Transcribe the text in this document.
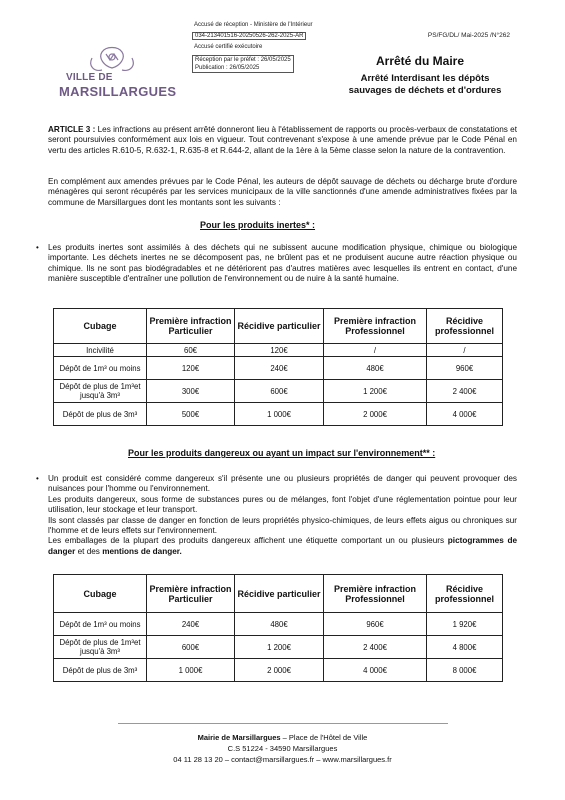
VILLE DE
MARSILLARGUES
Accusé de réception - Ministère de l'Intérieur
034-213401516-20250526-262-2025-AR
Accusé certifié exécutoire
Réception par le préfet : 26/05/2025
Publication : 26/05/2025
PS/FG/DL/ Mai-2025 /N°262
Arrêté du Maire
Arrêté Interdisant les dépôts
sauvages de déchets et d'ordures
ARTICLE 3 : Les infractions au présent arrêté donneront lieu à l'établissement de rapports ou procès-verbaux de constatations et seront poursuivies conformément aux lois en vigueur. Tout contrevenant s'expose à une amende prévue par le Code Pénal en vertu des articles R.610-5, R.632-1, R.635-8 et R.644-2, allant de la 1ère à la 5ème classe selon la nature de la contravention.
En complément aux amendes prévues par le Code Pénal, les auteurs de dépôt sauvage de déchets ou décharge brute d'ordure ménagères qui seront récupérés par les services municipaux de la ville sanctionnés d'une amende administratives fixées par la commune de Marsillargues dont les montants sont les suivants :
Pour les produits inertes* :
• Les produits inertes sont assimilés à des déchets qui ne subissent aucune modification physique, chimique ou biologique importante. Les déchets inertes ne se décomposent pas, ne brûlent pas et ne produisent aucune autre réaction physique ou chimique. Ils ne sont pas biodégradables et ne détériorent pas d'autres matières avec lesquelles ils entrent en contact, d'une manière susceptible d'entraîner une pollution de l'environnement ou de nuire à la santé humaine.
Cubage	Première infraction Particulier	Récidive particulier	Première infraction Professionnel	Récidive professionnel
Incivilité	60€	120€	/	/
Dépôt de 1m³ ou moins	120€	240€	480€	960€
Dépôt de plus de 1m³et jusqu'à 3m³	300€	600€	1 200€	2 400€
Dépôt de plus de 3m³	500€	1 000€	2 000€	4 000€
Pour les produits dangereux ou ayant un impact sur l'environnement** :
• Un produit est considéré comme dangereux s'il présente une ou plusieurs propriétés de danger qui peuvent provoquer des nuisances pour l'homme ou l'environnement.
Les produits dangereux, sous forme de substances pures ou de mélanges, font l'objet d'une réglementation pointue pour leur utilisation, leur stockage et leur transport.
Ils sont classés par classe de danger en fonction de leurs propriétés physico-chimiques, de leurs effets aigus ou chroniques sur l'homme et de leurs effets sur l'environnement.
Les emballages de la plupart des produits dangereux affichent une étiquette comportant un ou plusieurs pictogrammes de danger et des mentions de danger.
Cubage	Première infraction Particulier	Récidive particulier	Première infraction Professionnel	Récidive professionnel
Dépôt de 1m³ ou moins	240€	480€	960€	1 920€
Dépôt de plus de 1m³et jusqu'à 3m³	600€	1 200€	2 400€	4 800€
Dépôt de plus de 3m³	1 000€	2 000€	4 000€	8 000€
Mairie de Marsillargues – Place de l'Hôtel de Ville
C.S 51224 - 34590 Marsillargues
04 11 28 13 20 – contact@marsillargues.fr – www.marsillargues.fr
